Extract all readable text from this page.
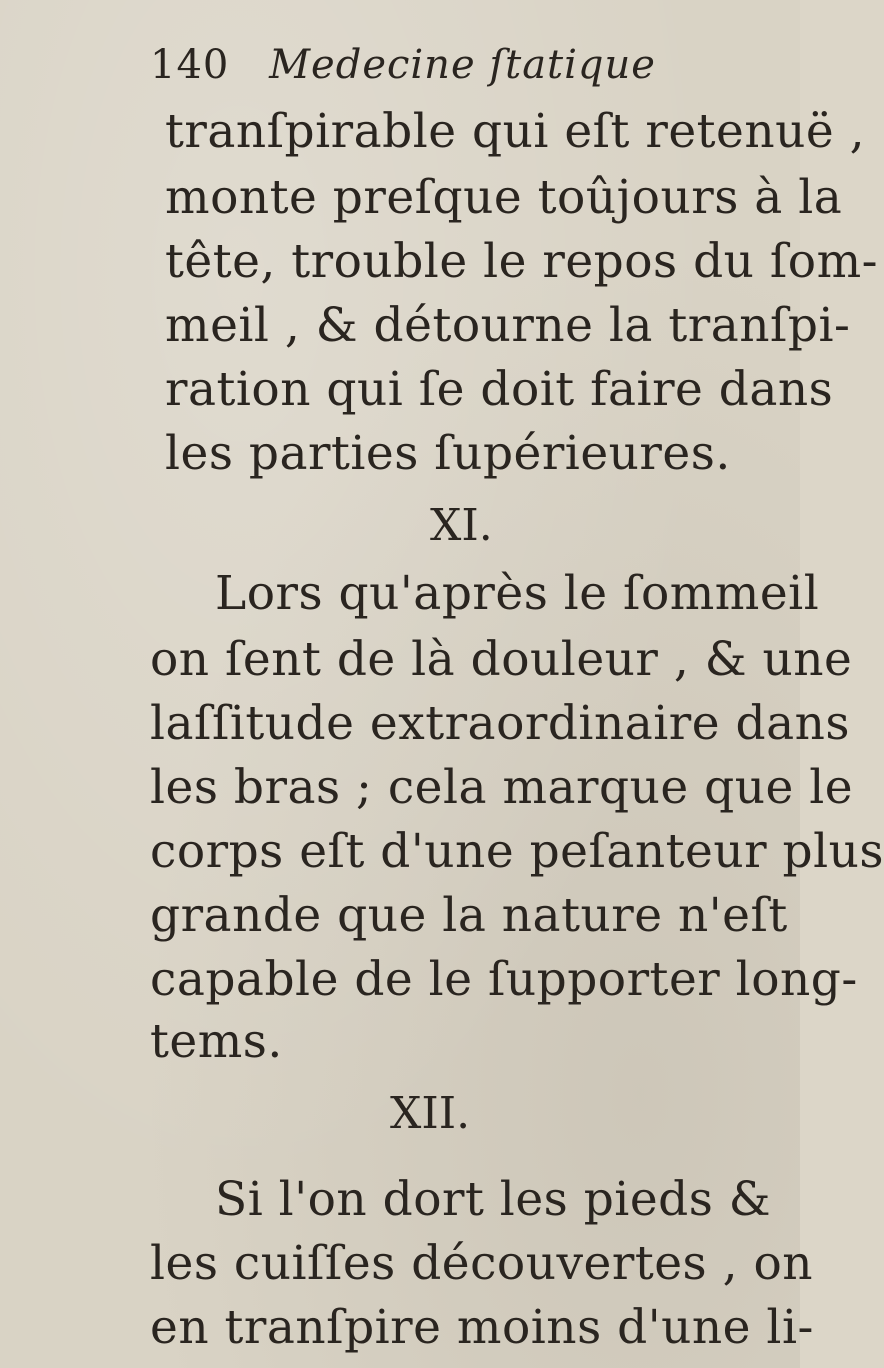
140 Medecine ſtatique
tranſpirable qui eſt retenuë ,
monte preſque toûjours à la
tête, trouble le repos du ſom-
meil , & détourne la tranſpi-
ration qui ſe doit faire dans
les parties ſupérieures.
XI.
Lors qu'après le ſommeil
on ſent de là douleur , & une
laſſitude extraordinaire dans
les bras ; cela marque que le
corps eſt d'une peſanteur plus
grande que la nature n'eſt
capable de le ſupporter long-
tems.
XII.
Si l'on dort les pieds &
les cuiſſes découvertes , on
en tranſpire moins d'une li-
